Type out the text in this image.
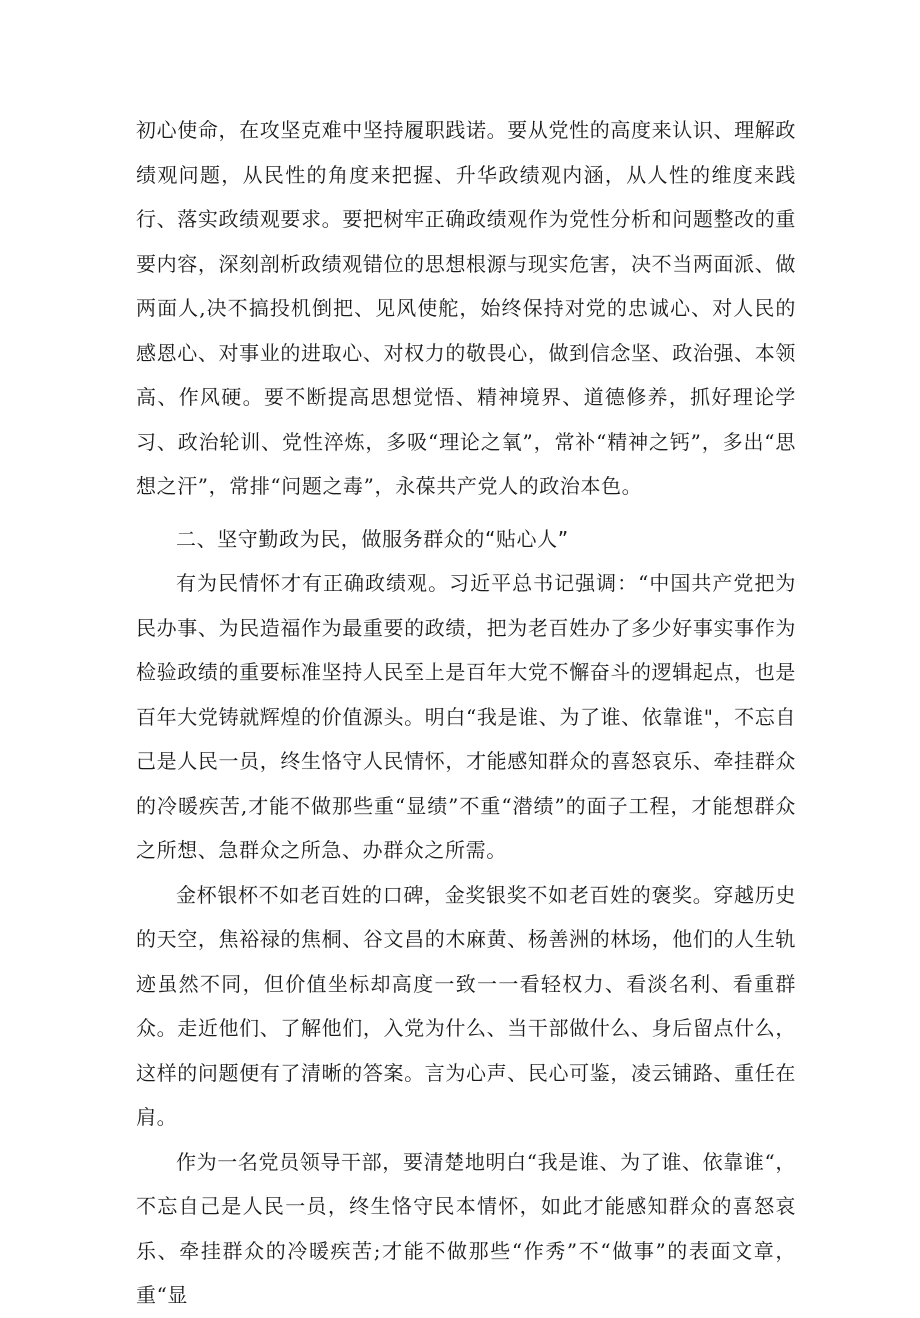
初心使命，在攻坚克难中坚持履职践诺。要从党性的高度来认识、理解政绩观问题，从民性的角度来把握、升华政绩观内涵，从人性的维度来践行、落实政绩观要求。要把树牢正确政绩观作为党性分析和问题整改的重要内容，深刻剖析政绩观错位的思想根源与现实危害，决不当两面派、做两面人,决不搞投机倒把、见风使舵，始终保持对党的忠诚心、对人民的感恩心、对事业的进取心、对权力的敬畏心，做到信念坚、政治强、本领高、作风硬。要不断提高思想觉悟、精神境界、道德修养，抓好理论学习、政治轮训、党性淬炼，多吸“理论之氧”，常补“精神之钙”，多出“思想之汗”，常排“问题之毒”，永葆共产党人的政治本色。

二、坚守勤政为民，做服务群众的“贴心人”

有为民情怀才有正确政绩观。习近平总书记强调：“中国共产党把为民办事、为民造福作为最重要的政绩，把为老百姓办了多少好事实事作为检验政绩的重要标准坚持人民至上是百年大党不懈奋斗的逻辑起点，也是百年大党铸就辉煌的价值源头。明白“我是谁、为了谁、依靠谁"，不忘自己是人民一员，终生恪守人民情怀，才能感知群众的喜怒哀乐、牵挂群众的冷暖疾苦,才能不做那些重“显绩”不重“潜绩”的面子工程，才能想群众之所想、急群众之所急、办群众之所需。

金杯银杯不如老百姓的口碑，金奖银奖不如老百姓的褒奖。穿越历史的天空，焦裕禄的焦桐、谷文昌的木麻黄、杨善洲的林场，他们的人生轨迹虽然不同，但价值坐标却高度一致一一看轻权力、看淡名利、看重群众。走近他们、了解他们，入党为什么、当干部做什么、身后留点什么，这样的问题便有了清晰的答案。言为心声、民心可鉴，凌云铺路、重任在肩。

作为一名党员领导干部，要清楚地明白“我是谁、为了谁、依靠谁“，不忘自己是人民一员，终生恪守民本情怀，如此才能感知群众的喜怒哀乐、牵挂群众的冷暖疾苦;才能不做那些“作秀”不“做事”的表面文章，重“显
